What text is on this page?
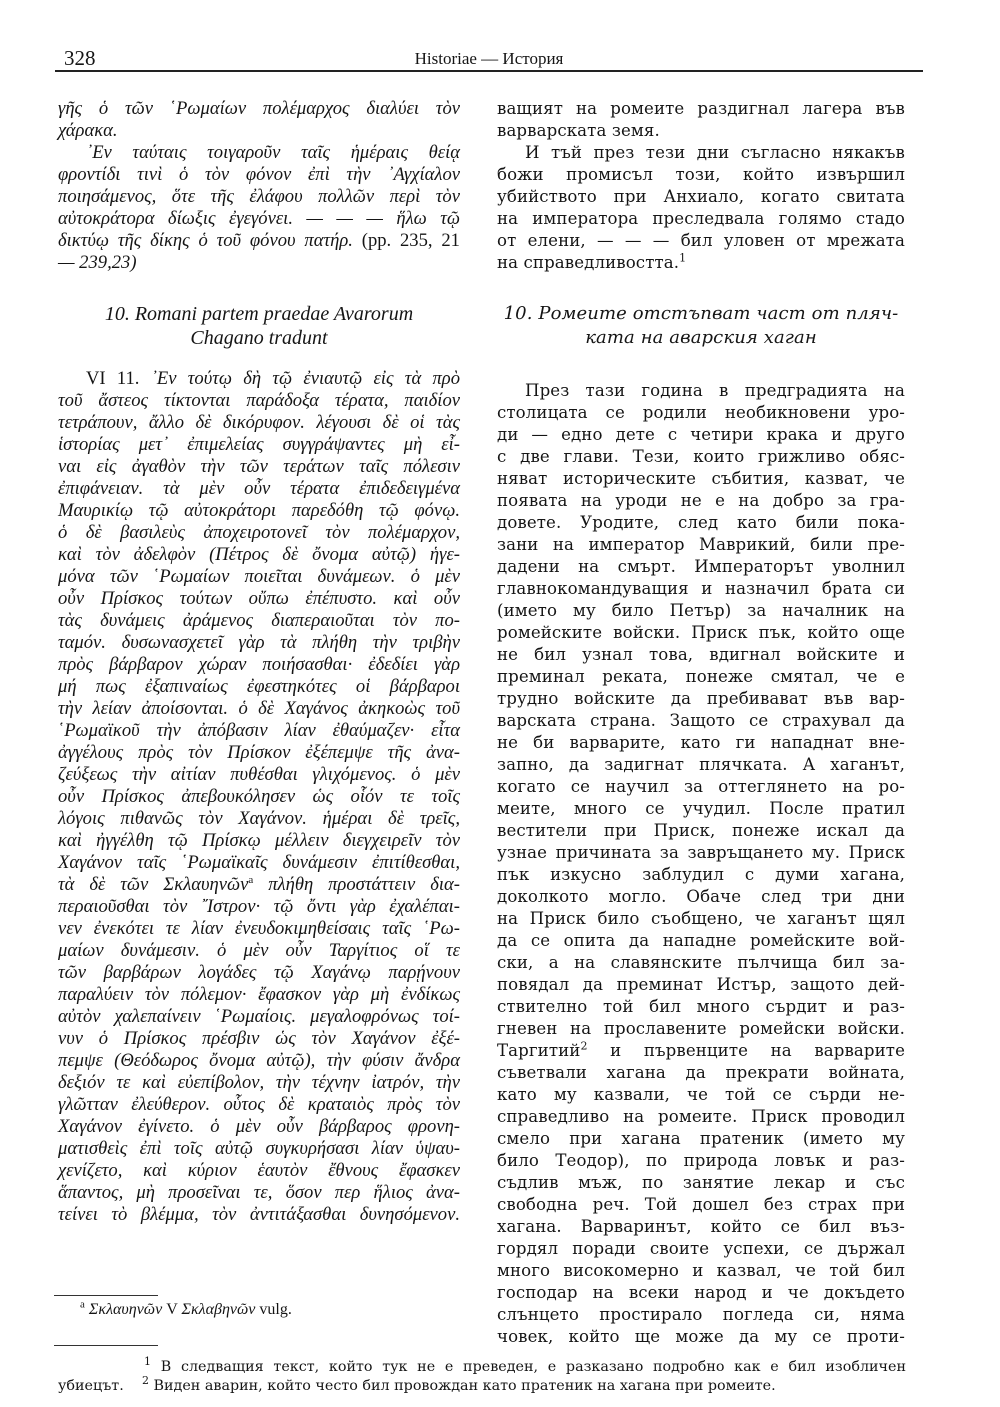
328	Historiae — История
γῆς ὁ τῶν ῾Ρωμαίων πολέμαρχος διαλύει τὸν
χάρακα.
᾽Εν ταύταις τοιγαροῦν ταῖς ἡμέραις θείᾳ
φροντίδι τινὶ ὁ τὸν φόνον ἐπὶ τὴν ᾽Αγχίαλον
ποιησάμενος, ὅτε τῆς ἐλάφου πολλῶν περὶ τὸν
αὐτοκράτορα δίωξις ἐγεγόνει. — — — ἥλω τῷ
δικτύῳ τῆς δίκης ὁ τοῦ φόνου πατήρ. (pp. 235, 21
— 239,23)
10. Romani partem praedae Avarorum
Chagano tradunt
VI 11. ᾽Εν τούτῳ δὴ τῷ ἐνιαυτῷ εἰς τὰ πρὸ
τοῦ ἄστεος τίκτονται παράδοξα τέρατα, παιδίον
τετράπουν, ἄλλο δὲ δικόρυφον. λέγουσι δὲ οἱ τὰς
ἱστορίας μετ᾽ ἐπιμελείας συγγράψαντες μὴ εἶ-
ναι εἰς ἀγαθὸν τὴν τῶν τεράτων ταῖς πόλεσιν
ἐπιφάνειαν. τὰ μὲν οὖν τέρατα ἐπιδεδειγμένα
Μαυρικίῳ τῷ αὐτοκράτορι παρεδόθη τῷ φόνῳ.
ὁ δὲ βασιλεὺς ἀποχειροτονεῖ τὸν πολέμαρχον,
καὶ τὸν ἀδελφὸν (Πέτρος δὲ ὄνομα αὐτῷ) ἡγε-
μόνα τῶν ῾Ρωμαίων ποιεῖται δυνάμεων. ὁ μὲν
οὖν Πρίσκος τούτων οὔπω ἐπέπυστο. καὶ οὖν
τὰς δυνάμεις ἀράμενος διαπεραιοῦται τὸν πο-
ταμόν. δυσωνασχετεῖ γὰρ τὰ πλήθη τὴν τριβὴν
πρὸς βάρβαρον χώραν ποιήσασθαι· ἐδεδίει γὰρ
μή πως ἐξαπιναίως ἐφεστηκότες οἱ βάρβαροι
τὴν λείαν ἀποίσονται. ὁ δὲ Χαγάνος ἀκηκοὼς τοῦ
῾Ρωμαϊκοῦ τὴν ἀπόβασιν λίαν ἐθαύμαζεν· εἶτα
ἀγγέλους πρὸς τὸν Πρίσκον ἐξέπεμψε τῆς ἀνα-
ζεύξεως τὴν αἰτίαν πυθέσθαι γλιχόμενος. ὁ μὲν
οὖν Πρίσκος ἀπεβουκόλησεν ὡς οἷόν τε τοῖς
λόγοις πιθανῶς τὸν Χαγάνον. ἡμέραι δὲ τρεῖς,
καὶ ἠγγέλθη τῷ Πρίσκῳ μέλλειν διεγχειρεῖν τὸν
Χαγάνον ταῖς ῾Ρωμαϊκαῖς δυνάμεσιν ἐπιτίθεσθαι,
τὰ δὲ τῶν Σκλαυηνῶν$^a$ πλήθη προστάττειν δια-
περαιοῦσθαι τὸν ῎Ιστρον· τῷ ὄντι γὰρ ἐχαλέπαι-
νεν ἐνεκότει τε λίαν ἐνευδοκιμηθείσαις ταῖς ῾Ρω-
μαίων δυνάμεσιν. ὁ μὲν οὖν Ταργίτιος οἵ τε
τῶν βαρβάρων λογάδες τῷ Χαγάνῳ παρῄνουν
παραλύειν τὸν πόλεμον· ἔφασκον γὰρ μὴ ἐνδίκως
αὐτὸν χαλεπαίνειν ῾Ρωμαίοις. μεγαλοφρόνως τοί-
νυν ὁ Πρίσκος πρέσβιν ὡς τὸν Χαγάνον ἐξέ-
πεμψε (Θεόδωρος ὄνομα αὐτῷ), τὴν φύσιν ἄνδρα
δεξιόν τε καὶ εὐεπίβολον, τὴν τέχνην ἰατρόν, τὴν
γλῶτταν ἐλεύθερον. οὗτος δὲ κραταιὸς πρὸς τὸν
Χαγάνον ἐγίνετο. ὁ μὲν οὖν βάρβαρος φρονη-
ματισθεὶς ἐπὶ τοῖς αὐτῷ συγκυρήσασι λίαν ὑψαυ-
χενίζετο, καὶ κύριον ἑαυτὸν ἔθνους ἔφασκεν
ἅπαντος, μὴ προσεῖναι τε, ὅσον περ ἥλιος ἀνα-
τείνει τὸ βλέμμα, τὸν ἀντιτάξασθαι δυνησόμενον.
ващият на ромеите раздигнал лагера във
варварската земя.
И тъй през тези дни съгласно някакъв
божи промисъл този, който извършил
убийството при Анхиало, когато свитата
на императора преследвала голямо стадо
от елени, — — — бил уловен от мрежата
на справедливостта.$^1$
10. Ромеите отстъпват част от пляч-
ката на аварския хаган
През тази година в предградията на
столицата се родили необикновени уро-
ди — едно дете с четири крака и друго
с две глави. Тези, които грижливо обяс-
няват историческите събития, казват, че
появата на уроди не е на добро за гра-
довете. Уродите, след като били пока-
зани на император Маврикий, били пре-
дадени на смърт. Императорът уволнил
главнокомандуващия и назначил брата си
(името му било Петър) за началник на
ромейските войски. Приск пък, който още
не бил узнал това, вдигнал войските и
преминал реката, понеже смятал, че е
трудно войските да пребивават във вар-
варската страна. Защото се страхувал да
не би варварите, като ги нападнат вне-
запно, да задигнат плячката. А хаганът,
когато се научил за оттеглянето на ро-
меите, много се учудил. После пратил
вестители при Приск, понеже искал да
узнае причината за завръщането му. Приск
пък изкусно заблудил с думи хагана,
доколкото могло. Обаче след три дни
на Приск било съобщено, че хаганът щял
да се опита да нападне ромейските вой-
ски, а на славянските пълчища бил за-
повядал да преминат Истър, защото дей-
ствително той бил много сърдит и раз-
гневен на прославените ромейски войски.
Таргитий$^2$ и първенците на варварите
съветвали хагана да прекрати войната,
като му казвали, че той се сърди не-
справедливо на ромеите. Приск проводил
смело при хагана пратеник (името му
било Теодор), по природа ловък и раз-
съдлив мъж, по занятие лекар и със
свободна реч. Той дошел без страх при
хагана. Варваринът, който се бил въз-
гордял поради своите успехи, се държал
много високомерно и казвал, че той бил
господар на всеки народ и че докъдето
слънцето простирало погледа си, няма
човек, който ще може да му се проти-
$^a$ Σκλαυηνῶν V Σκλαβηνῶν vulg.
$^1$ В следващия текст, който тук не е преведен, е разказано подробно как е бил изобличен
убиецът. $^2$ Виден аварин, който често бил провождан като пратеник на хагана при ромеите.
